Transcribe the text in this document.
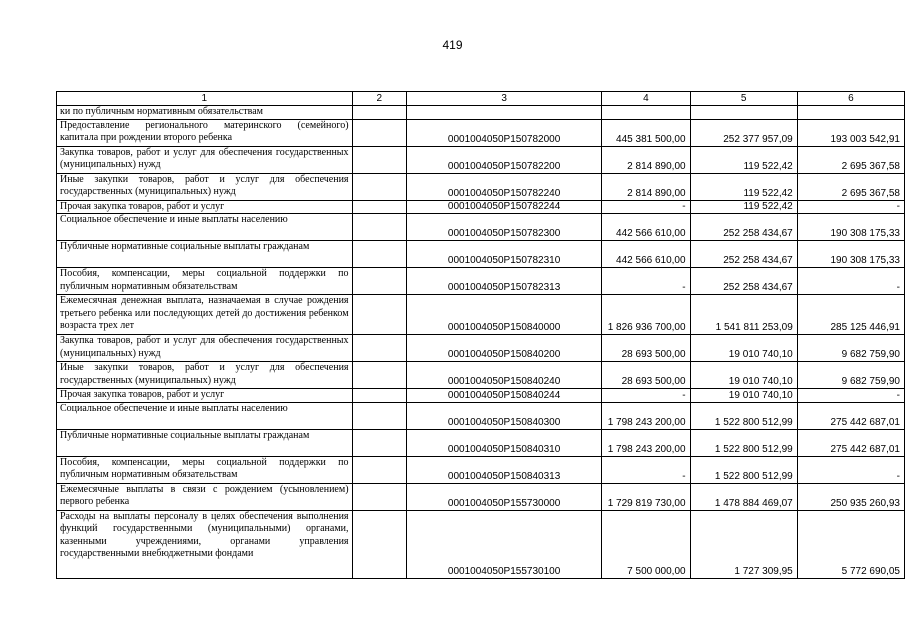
419
1	2	3	4	5	6
ки по публичным нормативным обязательствам					
Предоставление регионального материнского (семейного) капитала при рождении второго ребенка		0001004050P150782000	445 381 500,00	252 377 957,09	193 003 542,91
Закупка товаров, работ и услуг для обеспечения государственных (муниципальных) нужд		0001004050P150782200	2 814 890,00	119 522,42	2 695 367,58
Иные закупки товаров, работ и услуг для обеспечения государственных (муниципальных) нужд		0001004050P150782240	2 814 890,00	119 522,42	2 695 367,58
Прочая закупка товаров, работ и услуг		0001004050P150782244	-	119 522,42	-
Социальное обеспечение и иные выплаты населению		0001004050P150782300	442 566 610,00	252 258 434,67	190 308 175,33
Публичные нормативные социальные выплаты гражданам		0001004050P150782310	442 566 610,00	252 258 434,67	190 308 175,33
Пособия, компенсации, меры социальной поддержки по публичным нормативным обязательствам		0001004050P150782313	-	252 258 434,67	-
Ежемесячная денежная выплата, назначаемая в случае рождения третьего ребенка или последующих детей до достижения ребенком возраста трех лет		0001004050P150840000	1 826 936 700,00	1 541 811 253,09	285 125 446,91
Закупка товаров, работ и услуг для обеспечения государственных (муниципальных) нужд		0001004050P150840200	28 693 500,00	19 010 740,10	9 682 759,90
Иные закупки товаров, работ и услуг для обеспечения государственных (муниципальных) нужд		0001004050P150840240	28 693 500,00	19 010 740,10	9 682 759,90
Прочая закупка товаров, работ и услуг		0001004050P150840244	-	19 010 740,10	-
Социальное обеспечение и иные выплаты населению		0001004050P150840300	1 798 243 200,00	1 522 800 512,99	275 442 687,01
Публичные нормативные социальные выплаты гражданам		0001004050P150840310	1 798 243 200,00	1 522 800 512,99	275 442 687,01
Пособия, компенсации, меры социальной поддержки по публичным нормативным обязательствам		0001004050P150840313	-	1 522 800 512,99	-
Ежемесячные выплаты в связи с рождением (усыновлением) первого ребенка		0001004050P155730000	1 729 819 730,00	1 478 884 469,07	250 935 260,93
Расходы на выплаты персоналу в целях обеспечения выполнения функций государственными (муниципальными) органами, казенными учреждениями, органами управления государственными внебюджетными фондами		0001004050P155730100	7 500 000,00	1 727 309,95	5 772 690,05
